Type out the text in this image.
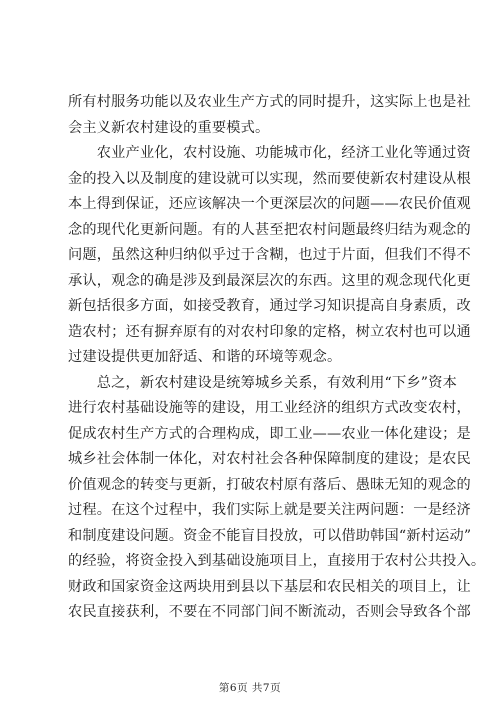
所有村服务功能以及农业生产方式的同时提升，这实际上也是社
会主义新农村建设的重要模式。
　　农业产业化，农村设施、功能城市化，经济工业化等通过资
金的投入以及制度的建设就可以实现，然而要使新农村建设从根
本上得到保证，还应该解决一个更深层次的问题——农民价值观
念的现代化更新问题。有的人甚至把农村问题最终归结为观念的
问题，虽然这种归纳似乎过于含糊，也过于片面，但我们不得不
承认，观念的确是涉及到最深层次的东西。这里的观念现代化更
新包括很多方面，如接受教育，通过学习知识提高自身素质，改
造农村；还有摒弃原有的对农村印象的定格，树立农村也可以通
过建设提供更加舒适、和谐的环境等观念。
　　总之，新农村建设是统筹城乡关系，有效利用“下乡”资本
进行农村基础设施等的建设，用工业经济的组织方式改变农村，
促成农村生产方式的合理构成，即工业——农业一体化建设；是
城乡社会体制一体化，对农村社会各种保障制度的建设；是农民
价值观念的转变与更新，打破农村原有落后、愚昧无知的观念的
过程。在这个过程中，我们实际上就是要关注两问题：一是经济
和制度建设问题。资金不能盲目投放，可以借助韩国“新村运动”
的经验，将资金投入到基础设施项目上，直接用于农村公共投入。
财政和国家资金这两块用到县以下基层和农民相关的项目上，让
农民直接获利，不要在不同部门间不断流动，否则会导致各个部
第6页 共7页
